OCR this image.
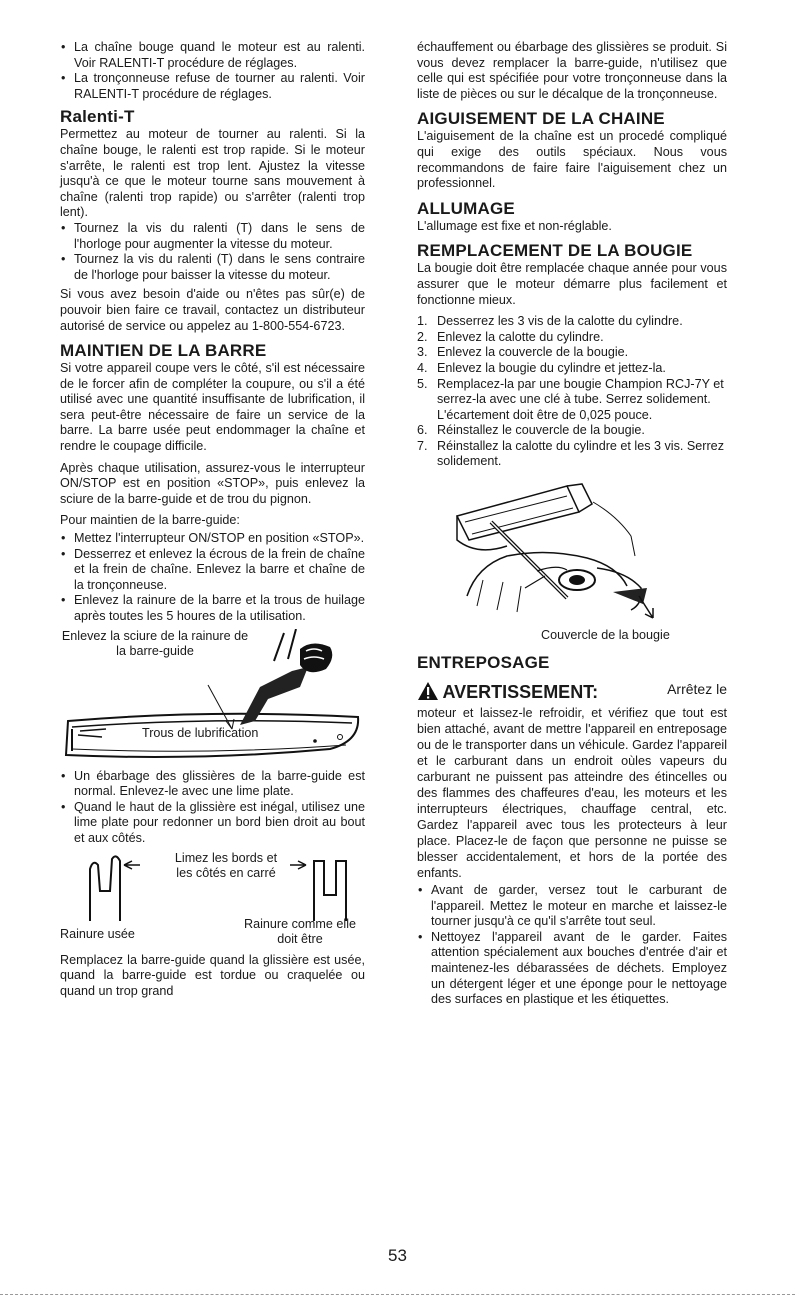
• La chaîne bouge quand le moteur est au ralenti. Voir RALENTI-T procédure de réglages.
• La tronçonneuse refuse de tourner au ralenti. Voir RALENTI-T procédure de réglages.
Ralenti-T

Permettez au moteur de tourner au ralenti. Si la chaîne bouge, le ralenti est trop rapide. Si le moteur s'arrête, le ralenti est trop lent. Ajustez la vitesse jusqu'à ce que le moteur tourne sans mouvement à chaîne (ralenti trop rapide) ou s'arrêter (ralenti trop lent).

• Tournez la vis du ralenti (T) dans le sens de l'horloge pour augmenter la vitesse du moteur.
• Tournez la vis du ralenti (T) dans le sens contraire de l'horloge pour baisser la vitesse du moteur.

Si vous avez besoin d'aide ou n'êtes pas sûr(e) de pouvoir bien faire ce travail, contactez un distributeur autorisé de service ou appelez au 1-800-554-6723.

MAINTIEN DE LA BARRE

Si votre appareil coupe vers le côté, s'il est nécessaire de le forcer afin de compléter la coupure, ou s'il a été utilisé avec une quantité insuffisante de lubrification, il sera peut-être nécessaire de faire un service de la barre. La barre usée peut endommager la chaîne et rendre le coupage difficile.

Après chaque utilisation, assurez-vous le interrupteur ON/STOP est en position «STOP», puis enlevez la sciure de la barre-guide et de trou du pignon.

Pour maintien de la barre-guide:

• Mettez l'interrupteur ON/STOP en position «STOP».
• Desserrez et enlevez la écrous de la frein de chaîne et la frein de chaîne. Enlevez la barre et chaîne de la tronçonneuse.
• Enlevez la rainure de la barre et la trous de huilage après toutes les 5 houres de la utilisation.
Enlevez la sciure de la rainure de la barre-guide
Trous de lubrification
• Un ébarbage des glissières de la barre-guide est normal. Enlevez-le avec une lime plate.
• Quand le haut de la glissière est inégal, utilisez une lime plate pour redonner un bord bien droit au bout et aux côtés.
Limez les bords et les côtés en carré
Rainure usée
Rainure comme elle doit être

Remplacez la barre-guide quand la glissière est usée, quand la barre-guide est tordue ou craquelée ou quand un trop grand

échauffement ou ébarbage des glissières se produit. Si vous devez remplacer la barre-guide, n'utilisez que celle qui est spécifiée pour votre tronçonneuse dans la liste de pièces ou sur le décalque de la tronçonneuse.

AIGUISEMENT DE LA CHAINE

L'aiguisement de la chaîne est un procedé compliqué qui exige des outils spéciaux. Nous vous recommandons de faire faire l'aiguisement chez un professionnel.

ALLUMAGE

L'allumage est fixe et non-réglable.

REMPLACEMENT DE LA BOUGIE

La bougie doit être remplacée chaque année pour vous assurer que le moteur démarre plus facilement et fonctionne mieux.

1. Desserrez les 3 vis de la calotte du cylindre.
2. Enlevez la calotte du cylindre.
3. Enlevez la couvercle de la bougie.
4. Enlevez la bougie du cylindre et jettez-la.
5. Remplacez-la par une bougie Champion RCJ-7Y et serrez-la avec une clé à tube. Serrez solidement. L'écartement doit être de 0,025 pouce.
6. Réinstallez le couvercle de la bougie.
7. Réinstallez la calotte du cylindre et les 3 vis. Serrez solidement.
Couvercle de la bougie
ENTREPOSAGE

AVERTISSEMENT:	Arrêtez le

moteur et laissez-le refroidir, et vérifiez que tout est bien attaché, avant de mettre l'appareil en entreposage ou de le transporter dans un véhicule. Gardez l'appareil et le carburant dans un endroit oùles vapeurs du carburant ne puissent pas atteindre des étincelles ou des flammes des chaffeures d'eau, les moteurs et les interrupteurs électriques, chauffage central, etc. Gardez l'appareil avec tous les protecteurs à leur place. Placez-le de façon que personne ne puisse se blesser accidentalement, et hors de la portée des enfants.

• Avant de garder, versez tout le carburant de l'appareil. Mettez le moteur en marche et laissez-le tourner jusqu'à ce qu'il s'arrête tout seul.
• Nettoyez l'appareil avant de le garder. Faites attention spécialement aux bouches d'entrée d'air et maintenez-les débarassées de déchets. Employez un détergent léger et une éponge pour le nettoyage des surfaces en plastique et les étiquettes.
53
